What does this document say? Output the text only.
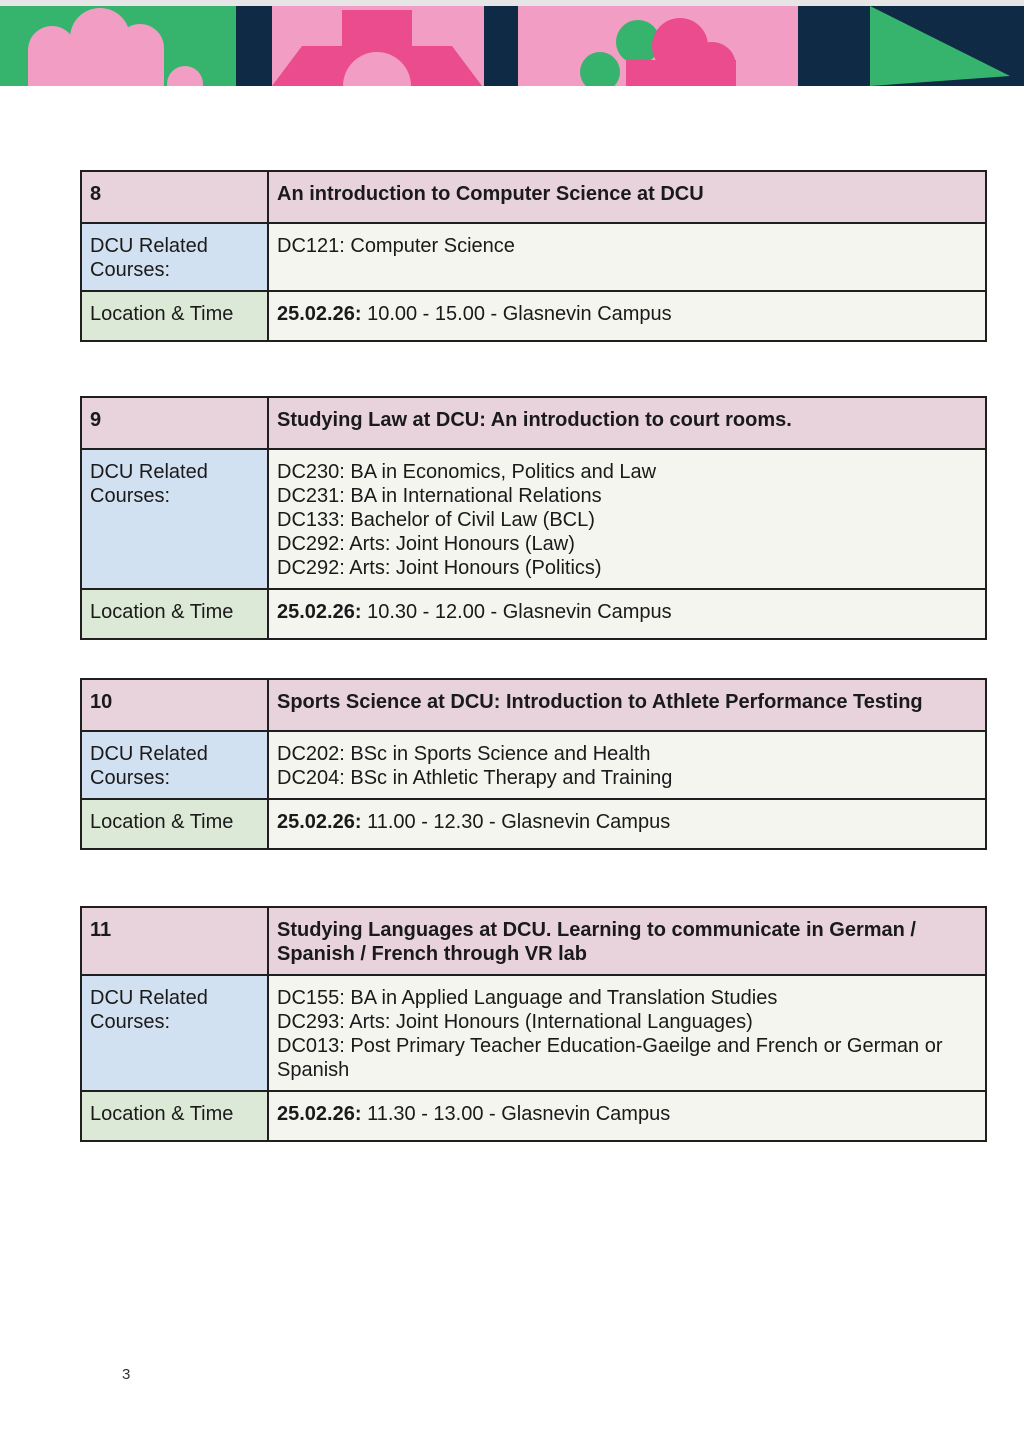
8	An introduction to Computer Science at DCU
DCU Related Courses:	DC121: Computer Science

Location & Time	25.02.26: 10.00 - 15.00 - Glasnevin Campus
9	Studying Law at DCU: An introduction to court rooms.
DCU Related Courses:	DC230: BA in Economics, Politics and Law
DC231: BA in International Relations
DC133: Bachelor of Civil Law (BCL)
DC292: Arts: Joint Honours (Law)
DC292: Arts: Joint Honours (Politics)

Location & Time	25.02.26: 10.30 - 12.00 - Glasnevin Campus
10	Sports Science at DCU: Introduction to Athlete Performance Testing
DCU Related Courses:	DC202: BSc in Sports Science and Health
DC204: BSc in Athletic Therapy and Training

Location & Time	25.02.26: 11.00 - 12.30 - Glasnevin Campus
11	Studying Languages at DCU. Learning to communicate in German / Spanish / French through VR lab
DCU Related Courses:	DC155: BA in Applied Language and Translation Studies
DC293: Arts: Joint Honours (International Languages)
DC013: Post Primary Teacher Education-Gaeilge and French or German or Spanish

Location & Time	25.02.26: 11.30 - 13.00 - Glasnevin Campus
3
